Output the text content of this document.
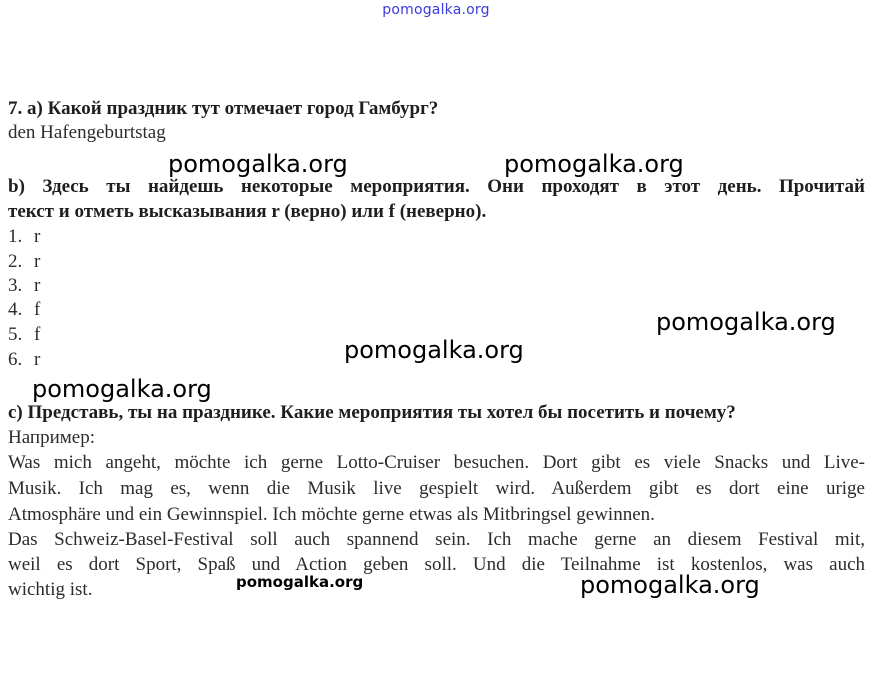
pomogalka.org
7. а) Какой праздник тут отмечает город Гамбург?
den Hafengeburtstag
b) Здесь ты найдешь некоторые мероприятия. Они проходят в этот день. Прочитай
текст и отметь высказывания r (верно) или f (неверно).
1. r
2. r
3. r
4. f
5. f
6. r
c) Представь, ты на празднике. Какие мероприятия ты хотел бы посетить и почему?
Например:
Was mich angeht, möchte ich gerne Lotto-Cruiser besuchen. Dort gibt es viele Snacks und Live-
Musik. Ich mag es, wenn die Musik live gespielt wird. Außerdem gibt es dort eine urige
Atmosphäre und ein Gewinnspiel. Ich möchte gerne etwas als Mitbringsel gewinnen.
Das Schweiz-Basel-Festival soll auch spannend sein. Ich mache gerne an diesem Festival mit,
weil es dort Sport, Spaß und Action geben soll. Und die Teilnahme ist kostenlos, was auch
wichtig ist.
pomogalka.org	pomogalka.org
pomogalka.org
pomogalka.org
pomogalka.org
pomogalka.org	pomogalka.org
